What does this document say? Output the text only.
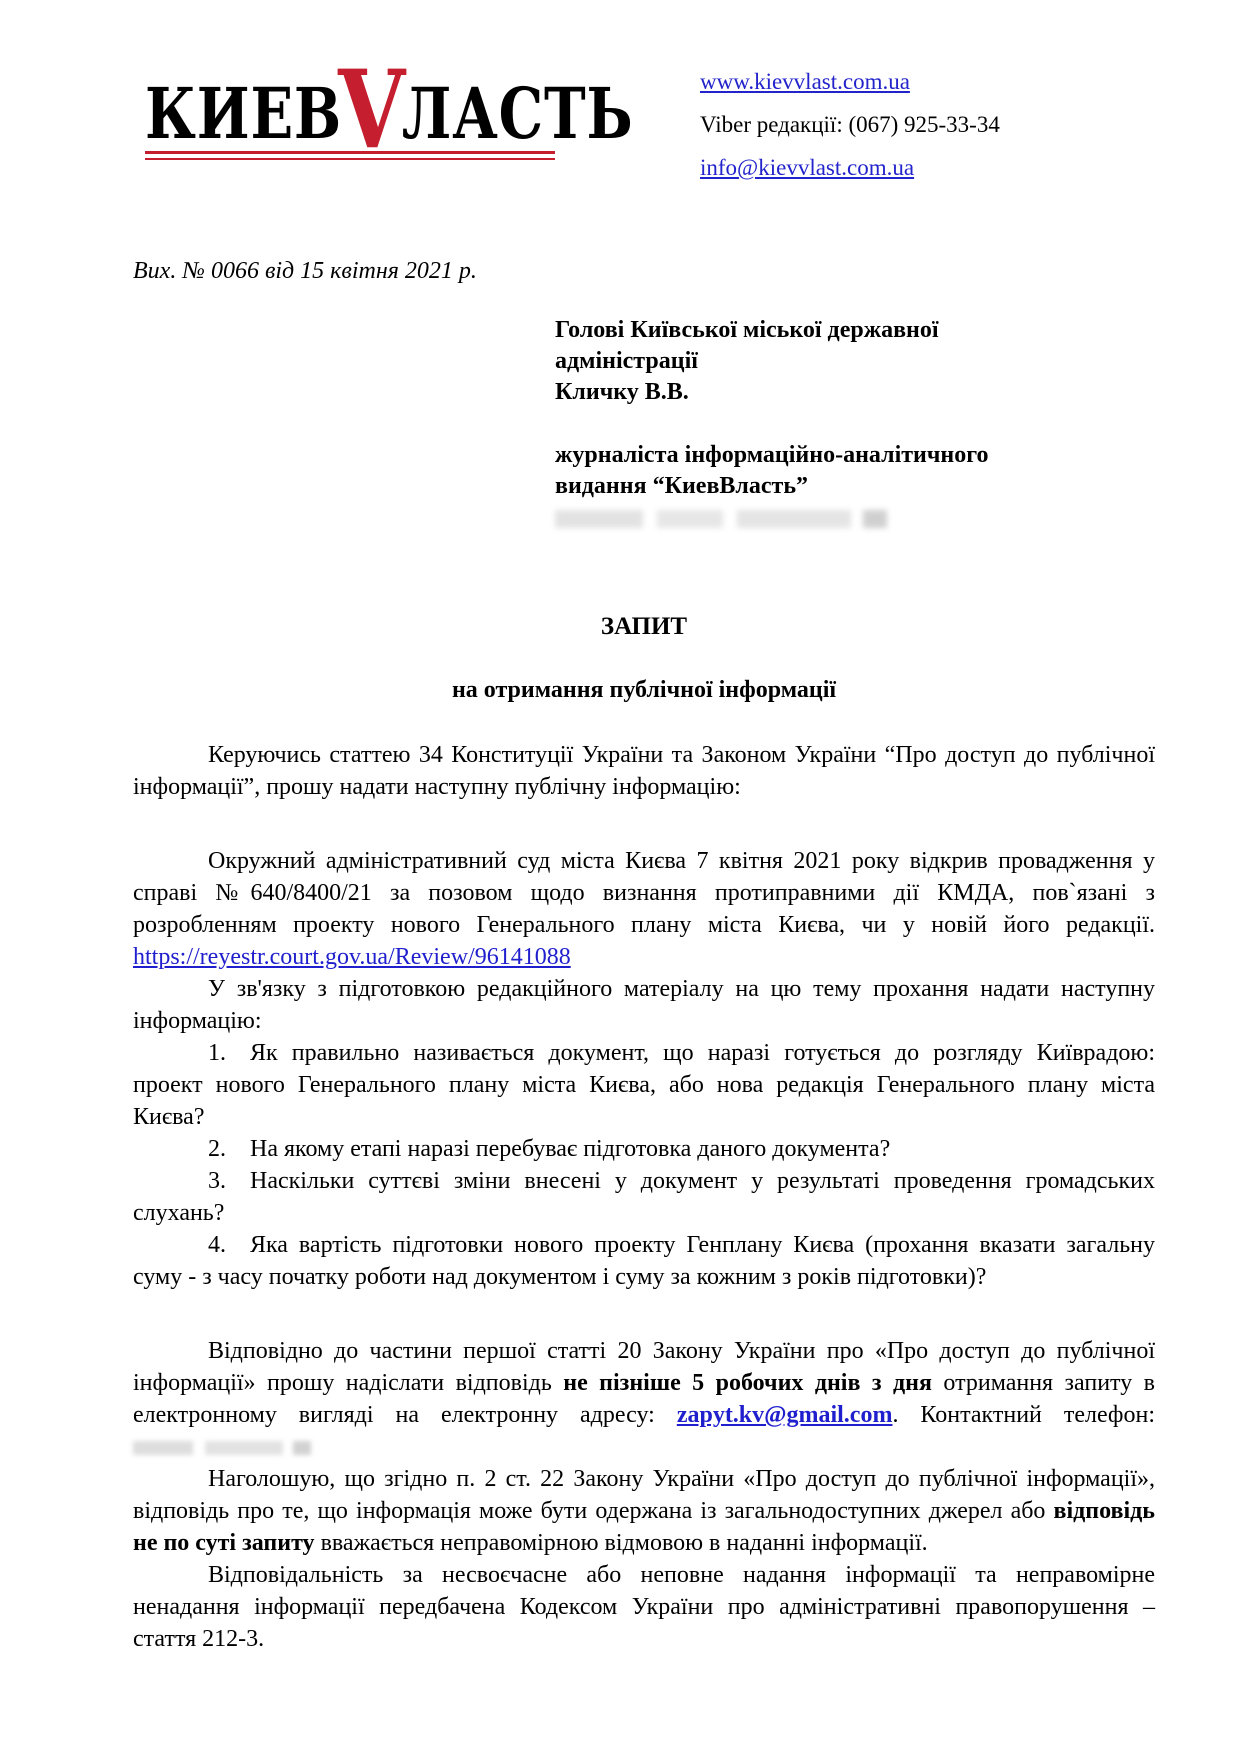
КИЕВVЛАСТЬ	www.kievvlast.com.ua
Viber редакції: (067) 925-33-34
info@kievvlast.com.ua
Вих. № 0066 від 15 квітня 2021 р.
Голові Київської міської державної
адміністрації
Кличку В.В.
журналіста інформаційно-аналітичного
видання “КиевВласть”
ЗАПИТ
на отримання публічної інформації

Керуючись статтею 34 Конституції України та Законом України “Про доступ до публічної інформації”, прошу надати наступну публічну інформацію:

Окружний адміністративний суд міста Києва 7 квітня 2021 року відкрив провадження у справі №640/8400/21 за позовом щодо визнання протиправними дії КМДА, пов`язані з розробленням проекту нового Генерального плану міста Києва, чи у новій його редакції. https://reyestr.court.gov.ua/Review/96141088

У зв'язку з підготовкою редакційного матеріалу на цю тему прохання надати наступну інформацію:

1. Як правильно називається документ, що наразі готується до розгляду Київрадою: проект нового Генерального плану міста Києва, або нова редакція Генерального плану міста Києва?

2. На якому етапі наразі перебуває підготовка даного документа?

3. Наскільки суттєві зміни внесені у документ у результаті проведення громадських слухань?

4. Яка вартість підготовки нового проекту Генплану Києва (прохання вказати загальну суму - з часу початку роботи над документом і суму за кожним з років підготовки)?

Відповідно до частини першої статті 20 Закону України про «Про доступ до публічної інформації» прошу надіслати відповідь не пізніше 5 робочих днів з дня отримання запиту в електронному вигляді на електронну адресу: zapyt.kv@gmail.com. Контактний телефон:

Наголошую, що згідно п. 2 ст. 22 Закону України «Про доступ до публічної інформації», відповідь про те, що інформація може бути одержана із загальнодоступних джерел або відповідь не по суті запиту вважається неправомірною відмовою в наданні інформації.

Відповідальність за несвоєчасне або неповне надання інформації та неправомірне ненадання інформації передбачена Кодексом України про адміністративні правопорушення – стаття 212-3.
